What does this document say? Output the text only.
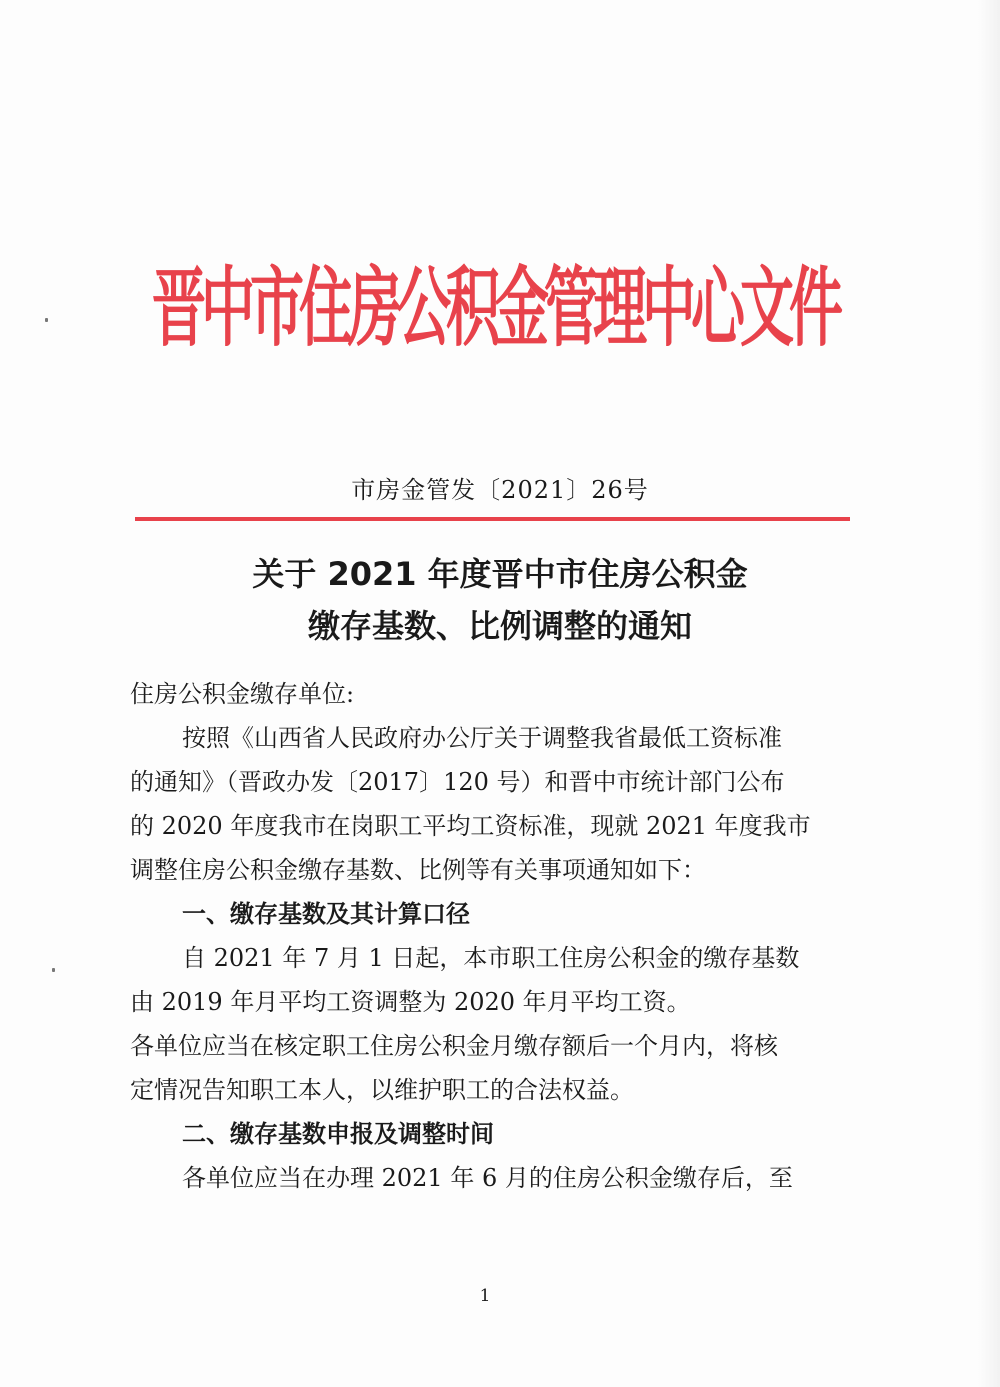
晋中市住房公积金管理中心文件
市房金管发〔2021〕26号
关于 2021 年度晋中市住房公积金
缴存基数、比例调整的通知

住房公积金缴存单位:

按照《山西省人民政府办公厅关于调整我省最低工资标准

的通知》（晋政办发〔2017〕120 号）和晋中市统计部门公布

的 2020 年度我市在岗职工平均工资标准，现就 2021 年度我市

调整住房公积金缴存基数、比例等有关事项通知如下：

一、缴存基数及其计算口径

自 2021 年 7 月 1 日起，本市职工住房公积金的缴存基数

由 2019 年月平均工资调整为 2020 年月平均工资。

各单位应当在核定职工住房公积金月缴存额后一个月内，将核

定情况告知职工本人，以维护职工的合法权益。

二、缴存基数申报及调整时间

各单位应当在办理 2021 年 6 月的住房公积金缴存后，至

1
